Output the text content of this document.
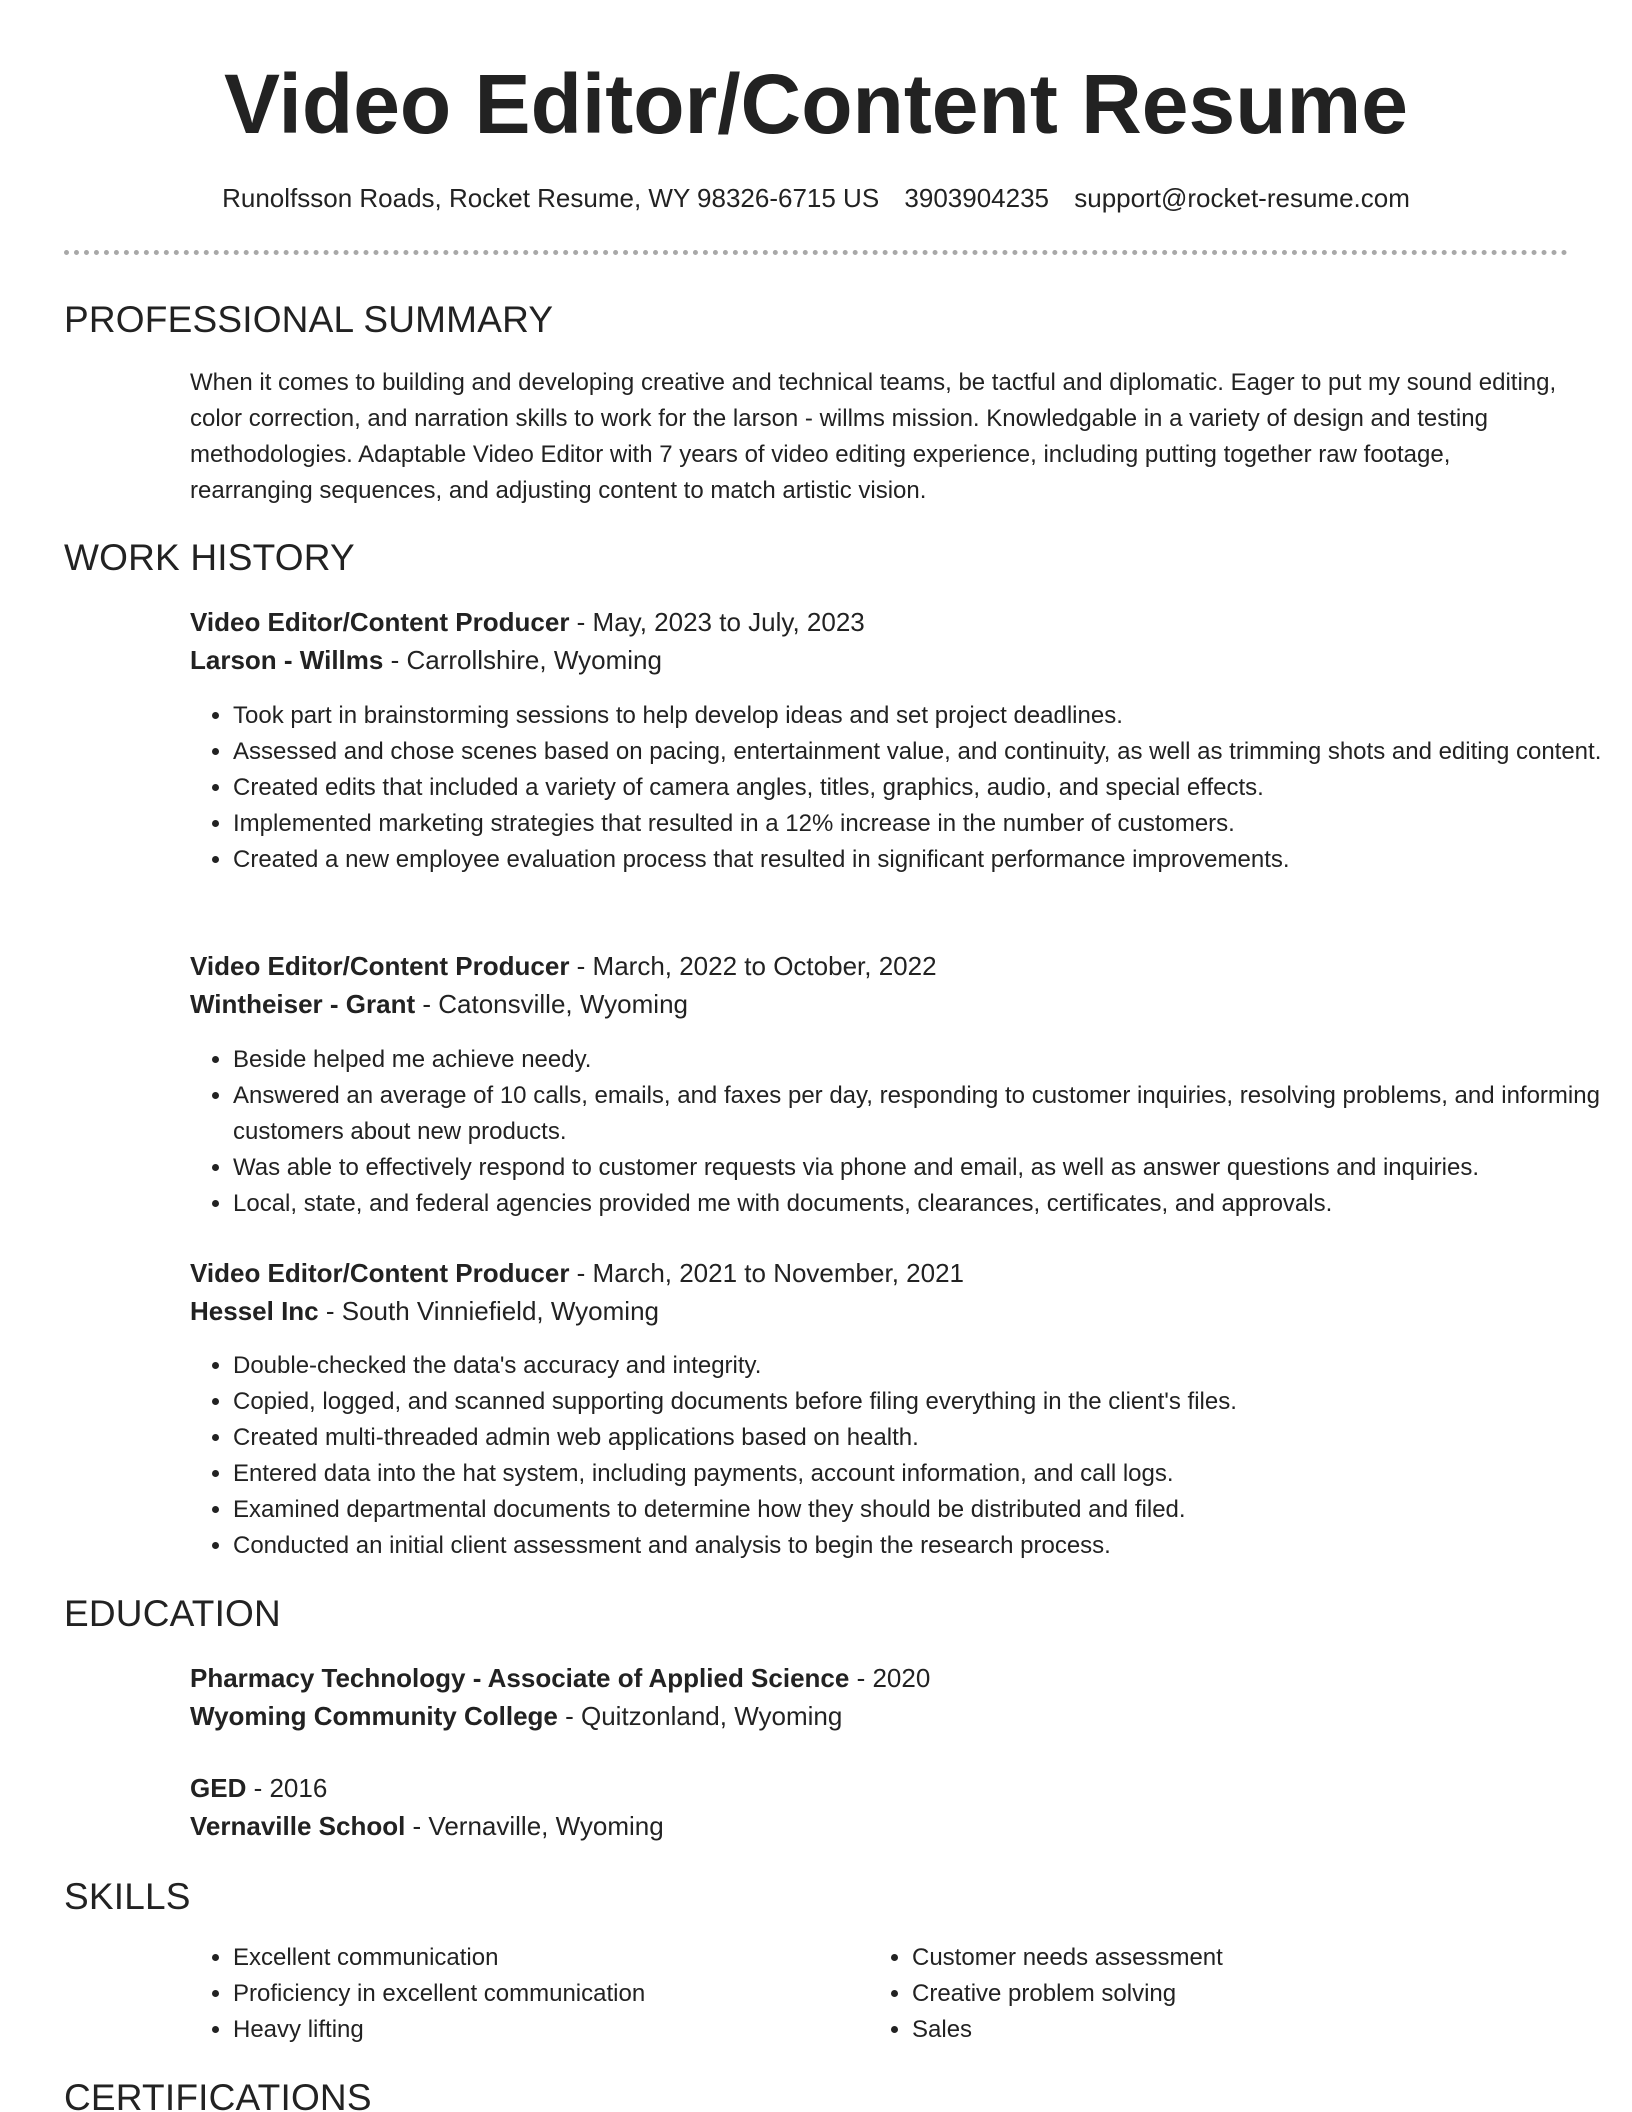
Video Editor/Content Resume
Runolfsson Roads, Rocket Resume, WY 98326-6715 US 3903904235 support@rocket-resume.com
PROFESSIONAL SUMMARY

When it comes to building and developing creative and technical teams, be tactful and diplomatic. Eager to put my sound editing, color correction, and narration skills to work for the larson - willms mission. Knowledgable in a variety of design and testing methodologies. Adaptable Video Editor with 7 years of video editing experience, including putting together raw footage, rearranging sequences, and adjusting content to match artistic vision.

WORK HISTORY
Video Editor/Content Producer - May, 2023 to July, 2023
Larson - Willms - Carrollshire, Wyoming
• Took part in brainstorming sessions to help develop ideas and set project deadlines.
• Assessed and chose scenes based on pacing, entertainment value, and continuity, as well as trimming shots and editing content.
• Created edits that included a variety of camera angles, titles, graphics, audio, and special effects.
• Implemented marketing strategies that resulted in a 12% increase in the number of customers.
• Created a new employee evaluation process that resulted in significant performance improvements.
Video Editor/Content Producer - March, 2022 to October, 2022
Wintheiser - Grant - Catonsville, Wyoming
• Beside helped me achieve needy.
• Answered an average of 10 calls, emails, and faxes per day, responding to customer inquiries, resolving problems, and informing customers about new products.
• Was able to effectively respond to customer requests via phone and email, as well as answer questions and inquiries.
• Local, state, and federal agencies provided me with documents, clearances, certificates, and approvals.
Video Editor/Content Producer - March, 2021 to November, 2021
Hessel Inc - South Vinniefield, Wyoming
• Double-checked the data's accuracy and integrity.
• Copied, logged, and scanned supporting documents before filing everything in the client's files.
• Created multi-threaded admin web applications based on health.
• Entered data into the hat system, including payments, account information, and call logs.
• Examined departmental documents to determine how they should be distributed and filed.
• Conducted an initial client assessment and analysis to begin the research process.
EDUCATION
Pharmacy Technology - Associate of Applied Science - 2020
Wyoming Community College - Quitzonland, Wyoming
GED - 2016
Vernaville School - Vernaville, Wyoming
SKILLS
• Excellent communication
• Proficiency in excellent communication
• Heavy lifting
• Customer needs assessment
• Creative problem solving
• Sales
CERTIFICATIONS
